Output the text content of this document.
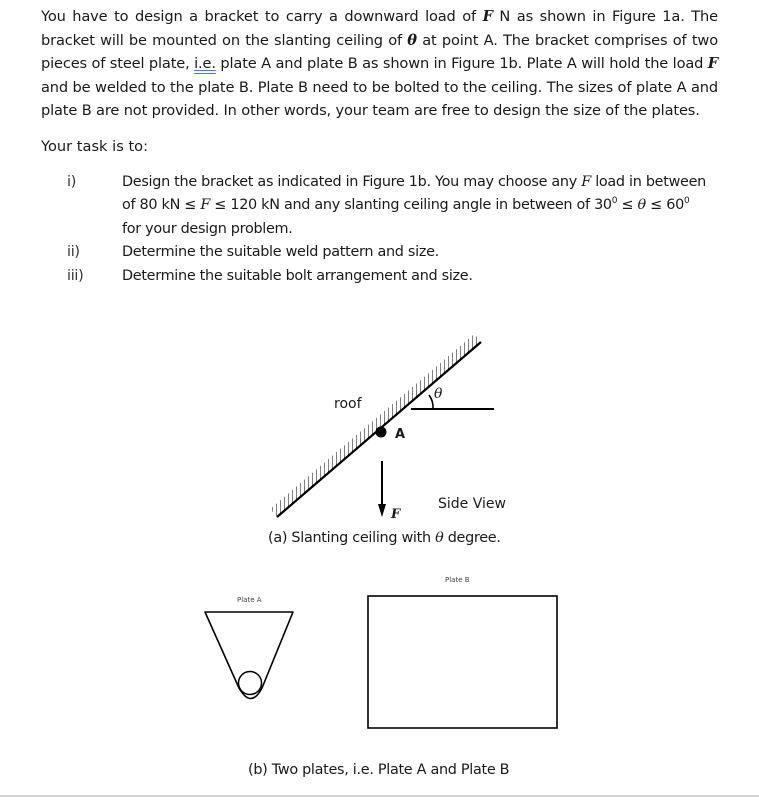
You have to design a bracket to carry a downward load of F N as shown in Figure 1a. The bracket will be mounted on the slanting ceiling of θ at point A. The bracket comprises of two pieces of steel plate, i.e. plate A and plate B as shown in Figure 1b. Plate A will hold the load F and be welded to the plate B. Plate B need to be bolted to the ceiling. The sizes of plate A and plate B are not provided. In other words, your team are free to design the size of the plates.
Your task is to:
i)	Design the bracket as indicated in Figure 1b. You may choose any F load in between of 80 kN ≤ F ≤ 120 kN and any slanting ceiling angle in between of $30^0 \le \theta \le 60^0$
for your design problem.
ii)	Determine the suitable weld pattern and size.
iii)	Determine the suitable bolt arrangement and size.
roof
θ
A
F
Side View
(a) Slanting ceiling with θ degree.
Plate A
Plate B
(b) Two plates, i.e. Plate A and Plate B
